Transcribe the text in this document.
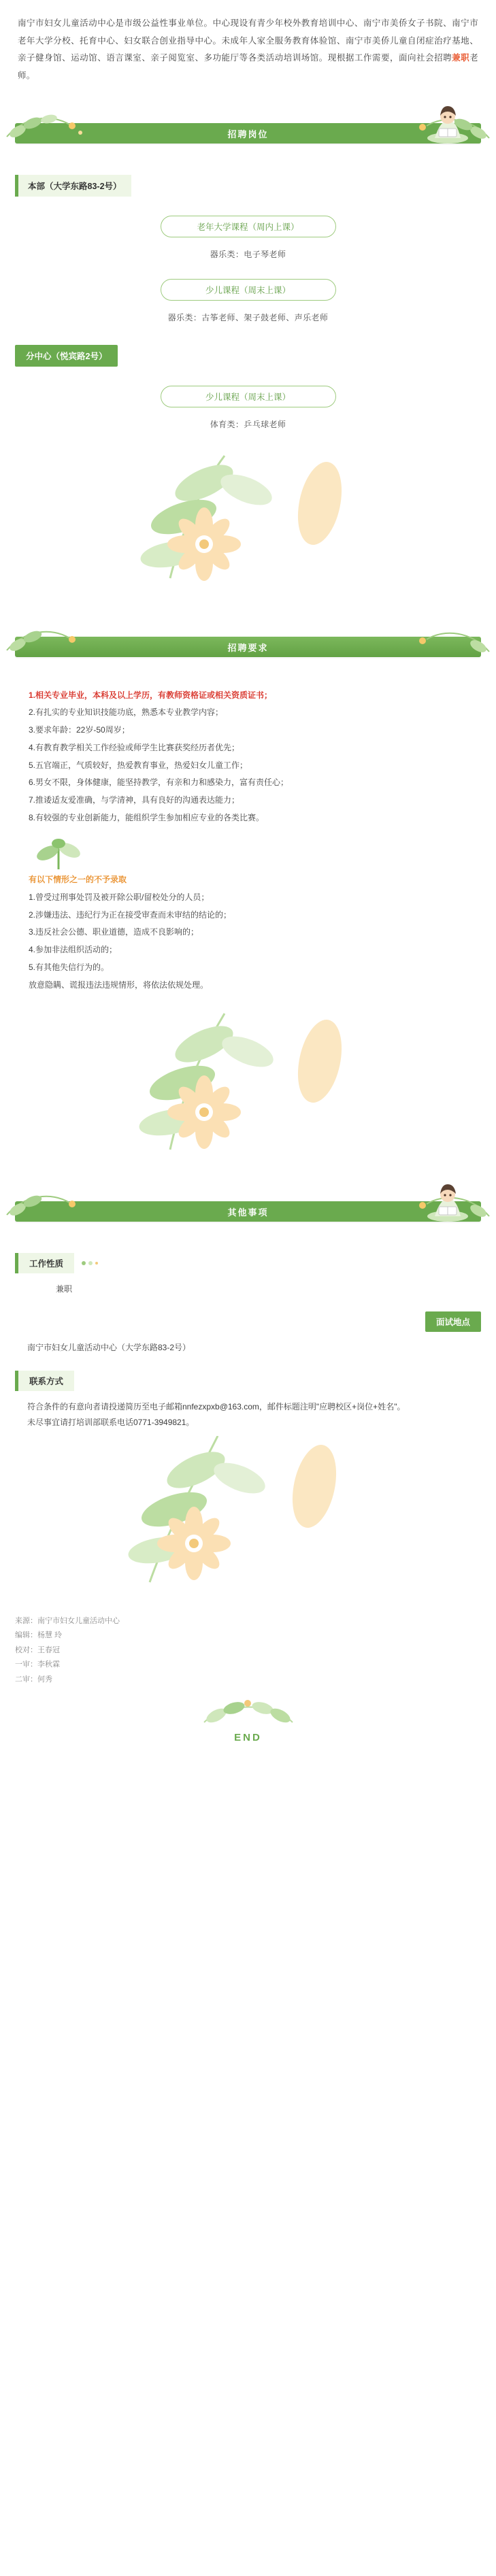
南宁市妇女儿童活动中心是市级公益性事业单位。中心现设有青少年校外教育培训中心、南宁市美侨女子书院、南宁市老年大学分校、托育中心、妇女联合创业指导中心。未成年人家全服务教育体验馆、南宁市美侨儿童自闭症治疗基地、亲子健身馆、运动馆、语言课室、亲子阅览室、多功能厅等各类活动培训场馆。现根据工作需要，面向社会招聘兼职老师。
招聘岗位
本部（大学东路83-2号）
老年大学课程（周内上课）
器乐类：电子琴老师
少儿课程（周末上课）
器乐类：古筝老师、架子鼓老师、声乐老师
分中心（悦宾路2号）
少儿课程（周末上课）
体育类：乒乓球老师
招聘要求
1.相关专业毕业，本科及以上学历，有教师资格证或相关资质证书；
2.有扎实的专业知识技能功底，熟悉本专业教学内容；
3.要求年龄：22岁-50周岁；
4.有教育教学相关工作经验或师学生比赛获奖经历者优先；
5.五官端正，气质较好，热爱教育事业，热爱妇女儿童工作；
6.男女不限，身体健康，能坚持教学，有亲和力和感染力，富有责任心；
7.推诿适友爱准确，与学清神，具有良好的沟通表达能力；
8.有较强的专业创新能力，能组织学生参加相应专业的各类比赛。
有以下情形之一的不予录取
1.曾受过刑事处罚及被开除公职/留校处分的人员；
2.涉嫌违法、违纪行为正在接受审查而未审结的结论的；
3.违反社会公德、职业道德，造成不良影响的；
4.参加非法组织活动的；
5.有其他失信行为的。
放意隐瞒、谎报违法违规情形，将依法依规处理。
其他事项
工作性质
兼职
面试地点
南宁市妇女儿童活动中心（大学东路83-2号）
联系方式
符合条件的有意向者请投递简历至电子邮箱nnfezxpxb@163.com，邮件标题注明"应聘校区+岗位+姓名"。
未尽事宜请打培训部联系电话0771-3949821。
来源：南宁市妇女儿童活动中心
编辑：杨慧 玲
校对：王春冠
一审：李秋霖
二审：何秀
END
